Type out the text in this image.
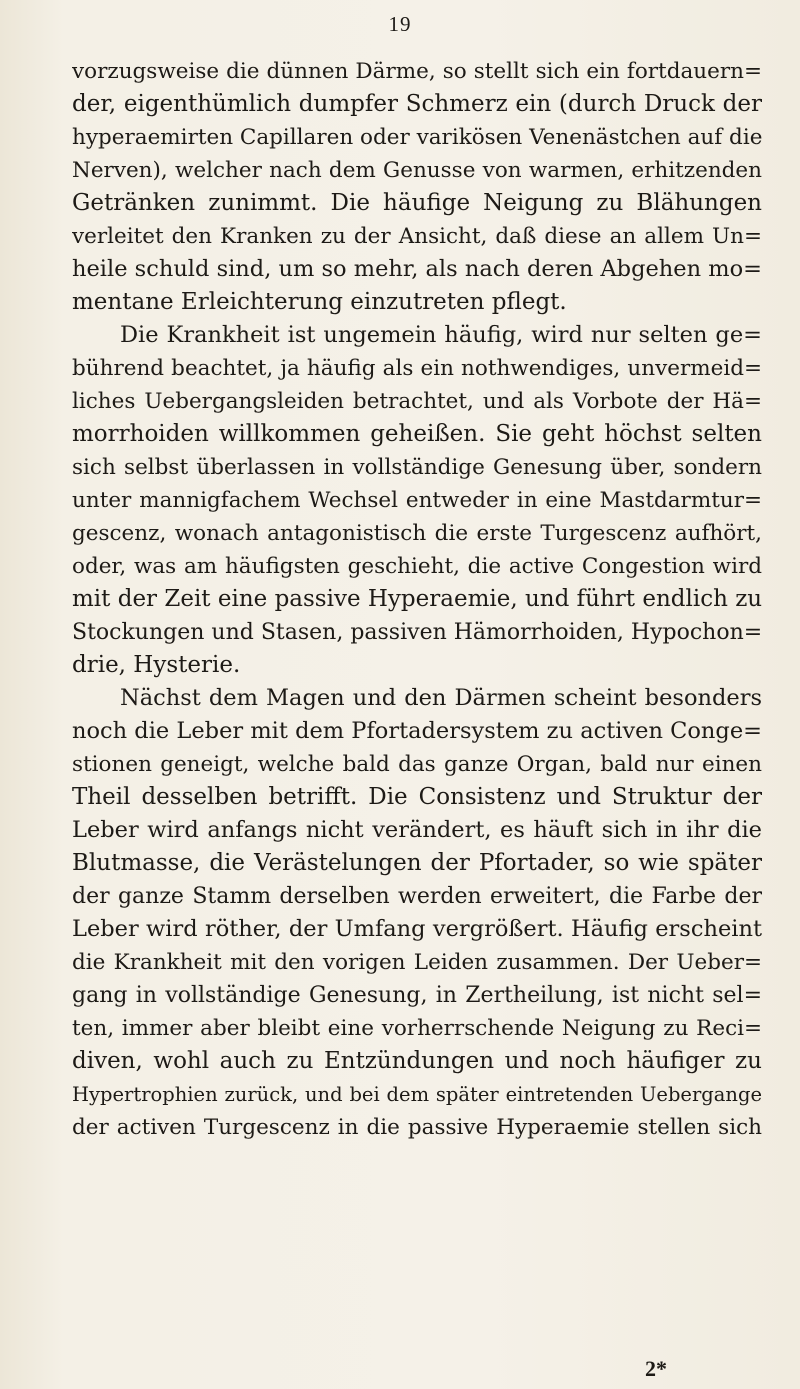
19
vorzugsweise die dünnen Därme, so stellt sich ein fortdauern=
der, eigenthümlich dumpfer Schmerz ein (durch Druck der
hyperaemirten Capillaren oder varikösen Venenästchen auf die
Nerven), welcher nach dem Genusse von warmen, erhitzenden
Getränken zunimmt. Die häufige Neigung zu Blähungen
verleitet den Kranken zu der Ansicht, daß diese an allem Un=
heile schuld sind, um so mehr, als nach deren Abgehen mo=
mentane Erleichterung einzutreten pflegt.
Die Krankheit ist ungemein häufig, wird nur selten ge=
bührend beachtet, ja häufig als ein nothwendiges, unvermeid=
liches Uebergangsleiden betrachtet, und als Vorbote der Hä=
morrhoiden willkommen geheißen. Sie geht höchst selten
sich selbst überlassen in vollständige Genesung über, sondern
unter mannigfachem Wechsel entweder in eine Mastdarmtur=
gescenz, wonach antagonistisch die erste Turgescenz aufhört,
oder, was am häufigsten geschieht, die active Congestion wird
mit der Zeit eine passive Hyperaemie, und führt endlich zu
Stockungen und Stasen, passiven Hämorrhoiden, Hypochon=
drie, Hysterie.
Nächst dem Magen und den Därmen scheint besonders
noch die Leber mit dem Pfortadersystem zu activen Conge=
stionen geneigt, welche bald das ganze Organ, bald nur einen
Theil desselben betrifft. Die Consistenz und Struktur der
Leber wird anfangs nicht verändert, es häuft sich in ihr die
Blutmasse, die Verästelungen der Pfortader, so wie später
der ganze Stamm derselben werden erweitert, die Farbe der
Leber wird röther, der Umfang vergrößert. Häufig erscheint
die Krankheit mit den vorigen Leiden zusammen. Der Ueber=
gang in vollständige Genesung, in Zertheilung, ist nicht sel=
ten, immer aber bleibt eine vorherrschende Neigung zu Reci=
diven, wohl auch zu Entzündungen und noch häufiger zu
Hypertrophien zurück, und bei dem später eintretenden Uebergange
der activen Turgescenz in die passive Hyperaemie stellen sich
2*
